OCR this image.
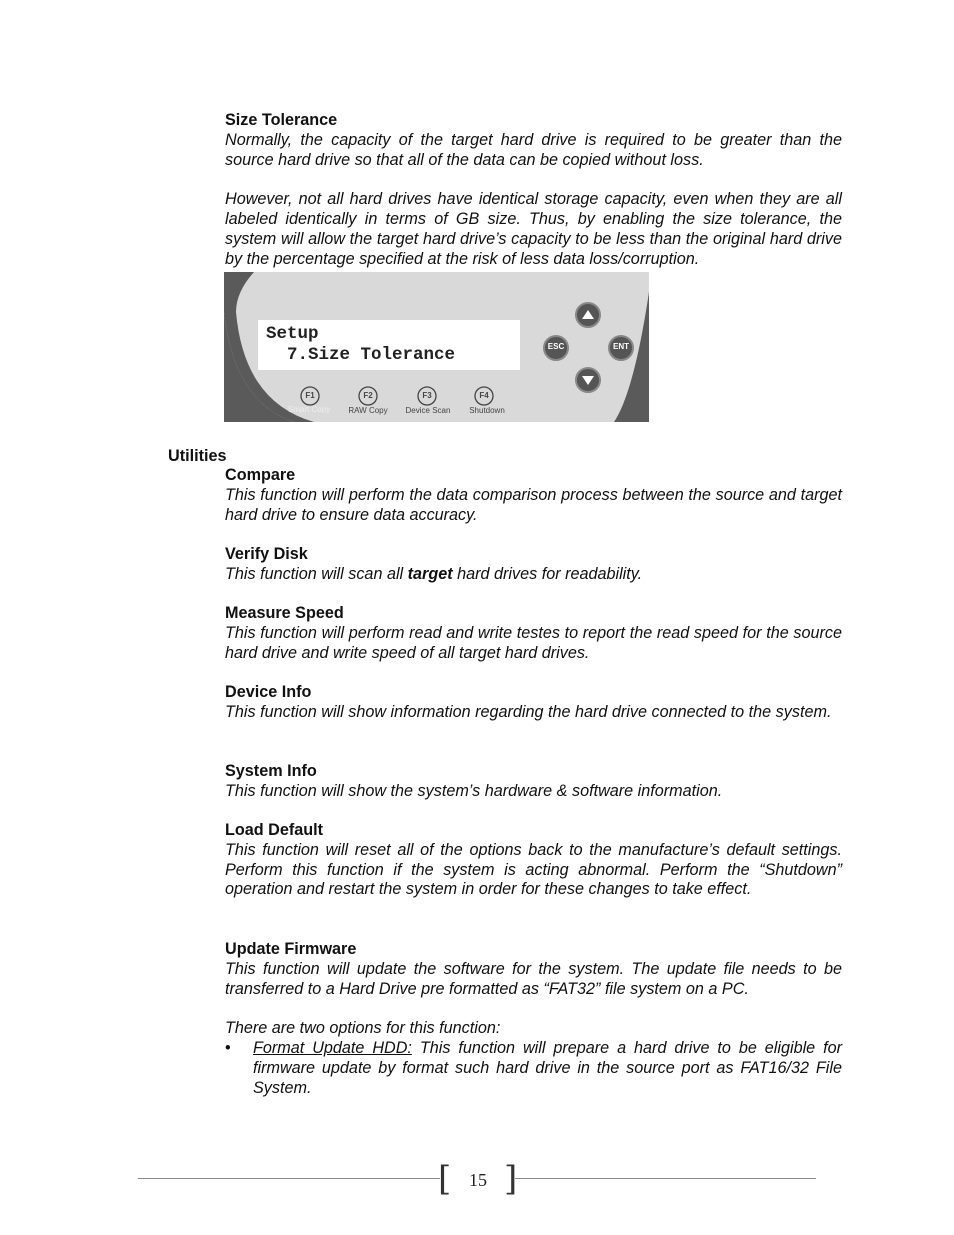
Size Tolerance

Normally, the capacity of the target hard drive is required to be greater than the source hard drive so that all of the data can be copied without loss.

However, not all hard drives have identical storage capacity, even when they are all labeled identically in terms of GB size. Thus, by enabling the size tolerance, the system will allow the target hard drive’s capacity to be less than the original hard drive by the percentage specified at the risk of less data loss/corruption.

Setup
7.Size Tolerance	ESC	ENT
F1	F2	F3	F4
Smart Copy	RAW Copy	Device Scan	Shutdown
Utilities

Compare

This function will perform the data comparison process between the source and target hard drive to ensure data accuracy.

Verify Disk

This function will scan all target hard drives for readability.

Measure Speed

This function will perform read and write testes to report the read speed for the source hard drive and write speed of all target hard drives.

Device Info

This function will show information regarding the hard drive connected to the system.

System Info

This function will show the system’s hardware & software information.

Load Default

This function will reset all of the options back to the manufacture’s default settings. Perform this function if the system is acting abnormal. Perform the “Shutdown” operation and restart the system in order for these changes to take effect.

Update Firmware

This function will update the software for the system. The update file needs to be transferred to a Hard Drive pre formatted as “FAT32” file system on a PC.

There are two options for this function:

• Format Update HDD: This function will prepare a hard drive to be eligible for firmware update by format such hard drive in the source port as FAT16/32 File System.
[ ]
15
